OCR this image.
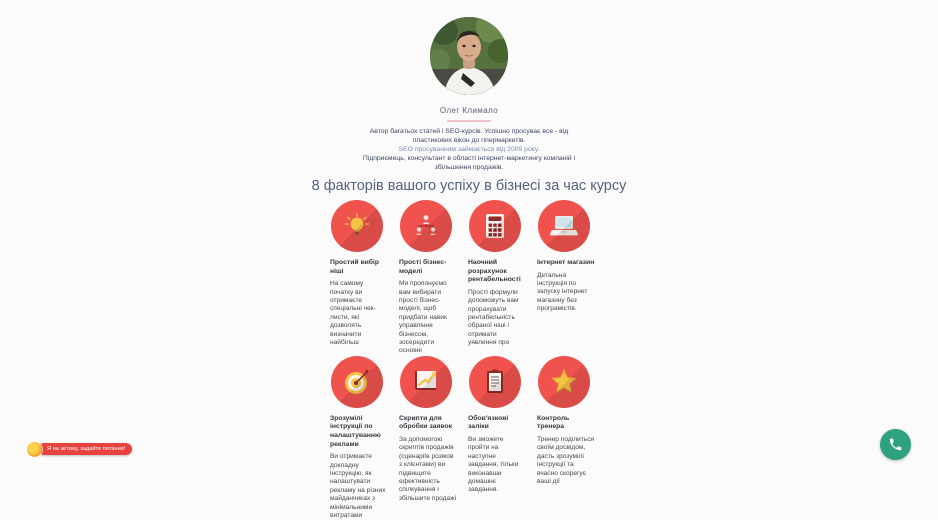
Олег Климало
Автор багатьох статей і SEO-курсів. Успішно просуває все - від
пластикових вікон до гіпермаркетів.
SEO просуванням займається від 2009 року.
Підприємець, консультант в області інтернет-маркетингу компаній і
збільшення продажів.
8 факторів вашого успіху в бізнесі за час курсу
Простий вибір ніші
На самому початку ви отримаєте спеціальні чек-листи, які дозволять визначити найбільш
Прості бізнес-моделі
Ми пропонуємо вам вибирати прості бізнес-моделі, щоб придбати навик управління бізнесом, зосередити основні
Наочний розрахунок рентабельності
Прості формули допоможуть вам прорахувати рентабельність обраної ніші і отримати уявлення про
Інтернет магазин
Детальна інструкція по запуску інтернет магазину без програмістів.
Зрозумілі інструкції по налаштуванню реклами
Ви отримаєте докладну інструкцію, як налаштувати рекламу на різних майданчиках з мінімальними витратами
Скрипти для обробки заявок
За допомогою скриптів продажів (сценаріїв розмов з клієнтами) ви підвищите ефективність спілкування і збільшите продажі
Обов'язкові заліки
Ви зможете пройти на наступне завдання, тільки виконавши домашнє завдання.
Контроль тренера
Тренер поділиться своїм досвідом, дасть зрозумілі інструкції та вчасно скорегує ваші дії
Я на зв'язку, задайте питання!
